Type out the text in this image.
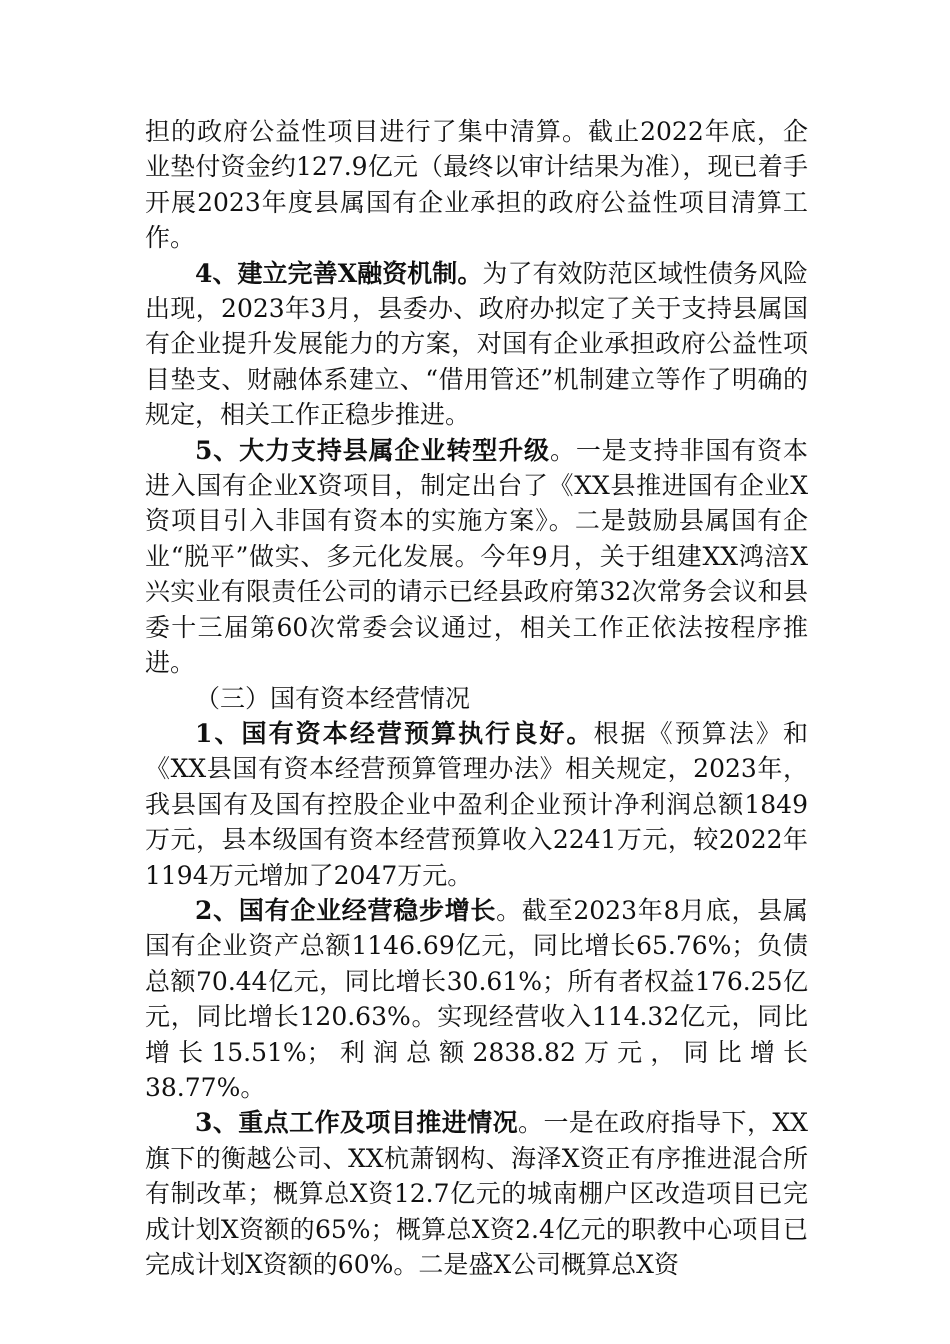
担的政府公益性项目进行了集中清算。截止2022年底，企业垫付资金约127.9亿元（最终以审计结果为准），现已着手开展2023年度县属国有企业承担的政府公益性项目清算工作。

4、建立完善X融资机制。为了有效防范区域性债务风险出现，2023年3月，县委办、政府办拟定了关于支持县属国有企业提升发展能力的方案，对国有企业承担政府公益性项目垫支、财融体系建立、“借用管还”机制建立等作了明确的规定，相关工作正稳步推进。

5、大力支持县属企业转型升级。一是支持非国有资本进入国有企业X资项目，制定出台了《XX县推进国有企业X资项目引入非国有资本的实施方案》。二是鼓励县属国有企业“脱平”做实、多元化发展。今年9月，关于组建XX鸿涪X兴实业有限责任公司的请示已经县政府第32次常务会议和县委十三届第60次常委会议通过，相关工作正依法按程序推进。

（三）国有资本经营情况

1、国有资本经营预算执行良好。根据《预算法》和《XX县国有资本经营预算管理办法》相关规定，2023年，我县国有及国有控股企业中盈利企业预计净利润总额1849万元，县本级国有资本经营预算收入2241万元，较2022年1194万元增加了2047万元。

2、国有企业经营稳步增长。截至2023年8月底，县属国有企业资产总额1146.69亿元，同比增长65.76%；负债总额70.44亿元，同比增长30.61%；所有者权益176.25亿元，同比增长120.63%。实现经营收入114.32亿元，同比增长15.51%；利润总额2838.82万元，同比增长38.77%。

3、重点工作及项目推进情况。一是在政府指导下，XX旗下的衡越公司、XX杭萧钢构、海泽X资正有序推进混合所有制改革；概算总X资12.7亿元的城南棚户区改造项目已完成计划X资额的65%；概算总X资2.4亿元的职教中心项目已完成计划X资额的60%。二是盛X公司概算总X资
